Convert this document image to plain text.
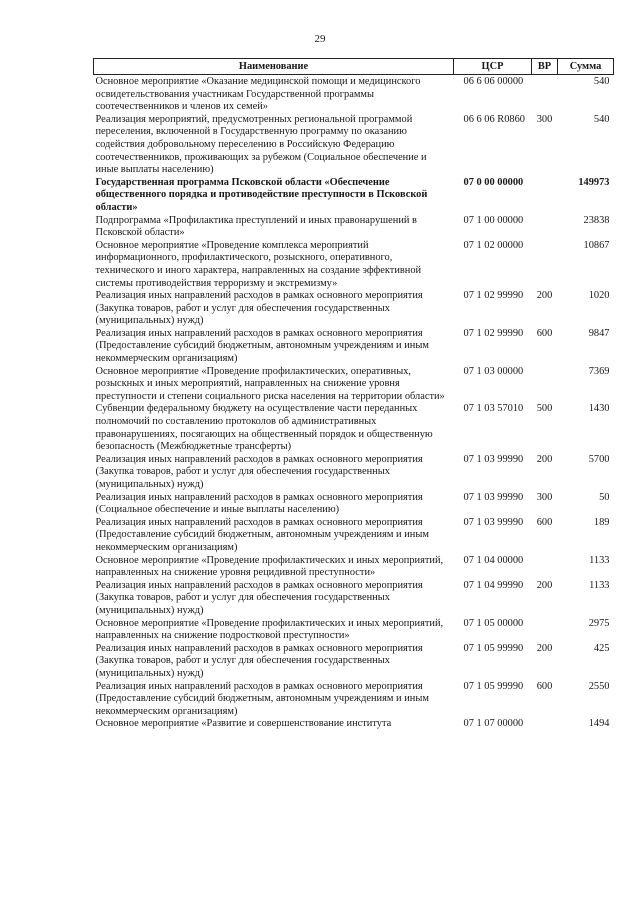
29
Наименование	ЦСР	ВР	Сумма
Основное мероприятие «Оказание медицинской помощи и медицинского освидетельствования участникам Государственной программы соотечественников и членов их семей»	06 6 06 00000		540
Реализация мероприятий, предусмотренных региональной программой переселения, включенной в Государственную программу по оказанию содействия добровольному переселению в Российскую Федерацию соотечественников, проживающих за рубежом (Социальное обеспечение и иные выплаты населению)	06 6 06 R0860	300	540
Государственная программа Псковской области «Обеспечение общественного порядка и противодействие преступности в Псковской области»	07 0 00 00000		149973
Подпрограмма «Профилактика преступлений и иных правонарушений в Псковской области»	07 1 00 00000		23838
Основное мероприятие «Проведение комплекса мероприятий информационного, профилактического, розыскного, оперативного, технического и иного характера, направленных на создание эффективной системы противодействия терроризму и экстремизму»	07 1 02 00000		10867
Реализация иных направлений расходов в рамках основного мероприятия (Закупка товаров, работ и услуг для обеспечения государственных (муниципальных) нужд)	07 1 02 99990	200	1020
Реализация иных направлений расходов в рамках основного мероприятия (Предоставление субсидий бюджетным, автономным учреждениям и иным некоммерческим организациям)	07 1 02 99990	600	9847
Основное мероприятие «Проведение профилактических, оперативных, розыскных и иных мероприятий, направленных на снижение уровня преступности и степени социального риска населения на территории области»	07 1 03 00000		7369
Субвенции федеральному бюджету на осуществление части переданных полномочий по составлению протоколов об административных правонарушениях, посягающих на общественный порядок и общественную безопасность (Межбюджетные трансферты)	07 1 03 57010	500	1430
Реализация иных направлений расходов в рамках основного мероприятия (Закупка товаров, работ и услуг для обеспечения государственных (муниципальных) нужд)	07 1 03 99990	200	5700
Реализация иных направлений расходов в рамках основного мероприятия (Социальное обеспечение и иные выплаты населению)	07 1 03 99990	300	50
Реализация иных направлений расходов в рамках основного мероприятия (Предоставление субсидий бюджетным, автономным учреждениям и иным некоммерческим организациям)	07 1 03 99990	600	189
Основное мероприятие «Проведение профилактических и иных мероприятий, направленных на снижение уровня рецидивной преступности»	07 1 04 00000		1133
Реализация иных направлений расходов в рамках основного мероприятия (Закупка товаров, работ и услуг для обеспечения государственных (муниципальных) нужд)	07 1 04 99990	200	1133
Основное мероприятие «Проведение профилактических и иных мероприятий, направленных на снижение подростковой преступности»	07 1 05 00000		2975
Реализация иных направлений расходов в рамках основного мероприятия (Закупка товаров, работ и услуг для обеспечения государственных (муниципальных) нужд)	07 1 05 99990	200	425
Реализация иных направлений расходов в рамках основного мероприятия (Предоставление субсидий бюджетным, автономным учреждениям и иным некоммерческим организациям)	07 1 05 99990	600	2550
Основное мероприятие «Развитие и совершенствование института	07 1 07 00000		1494
